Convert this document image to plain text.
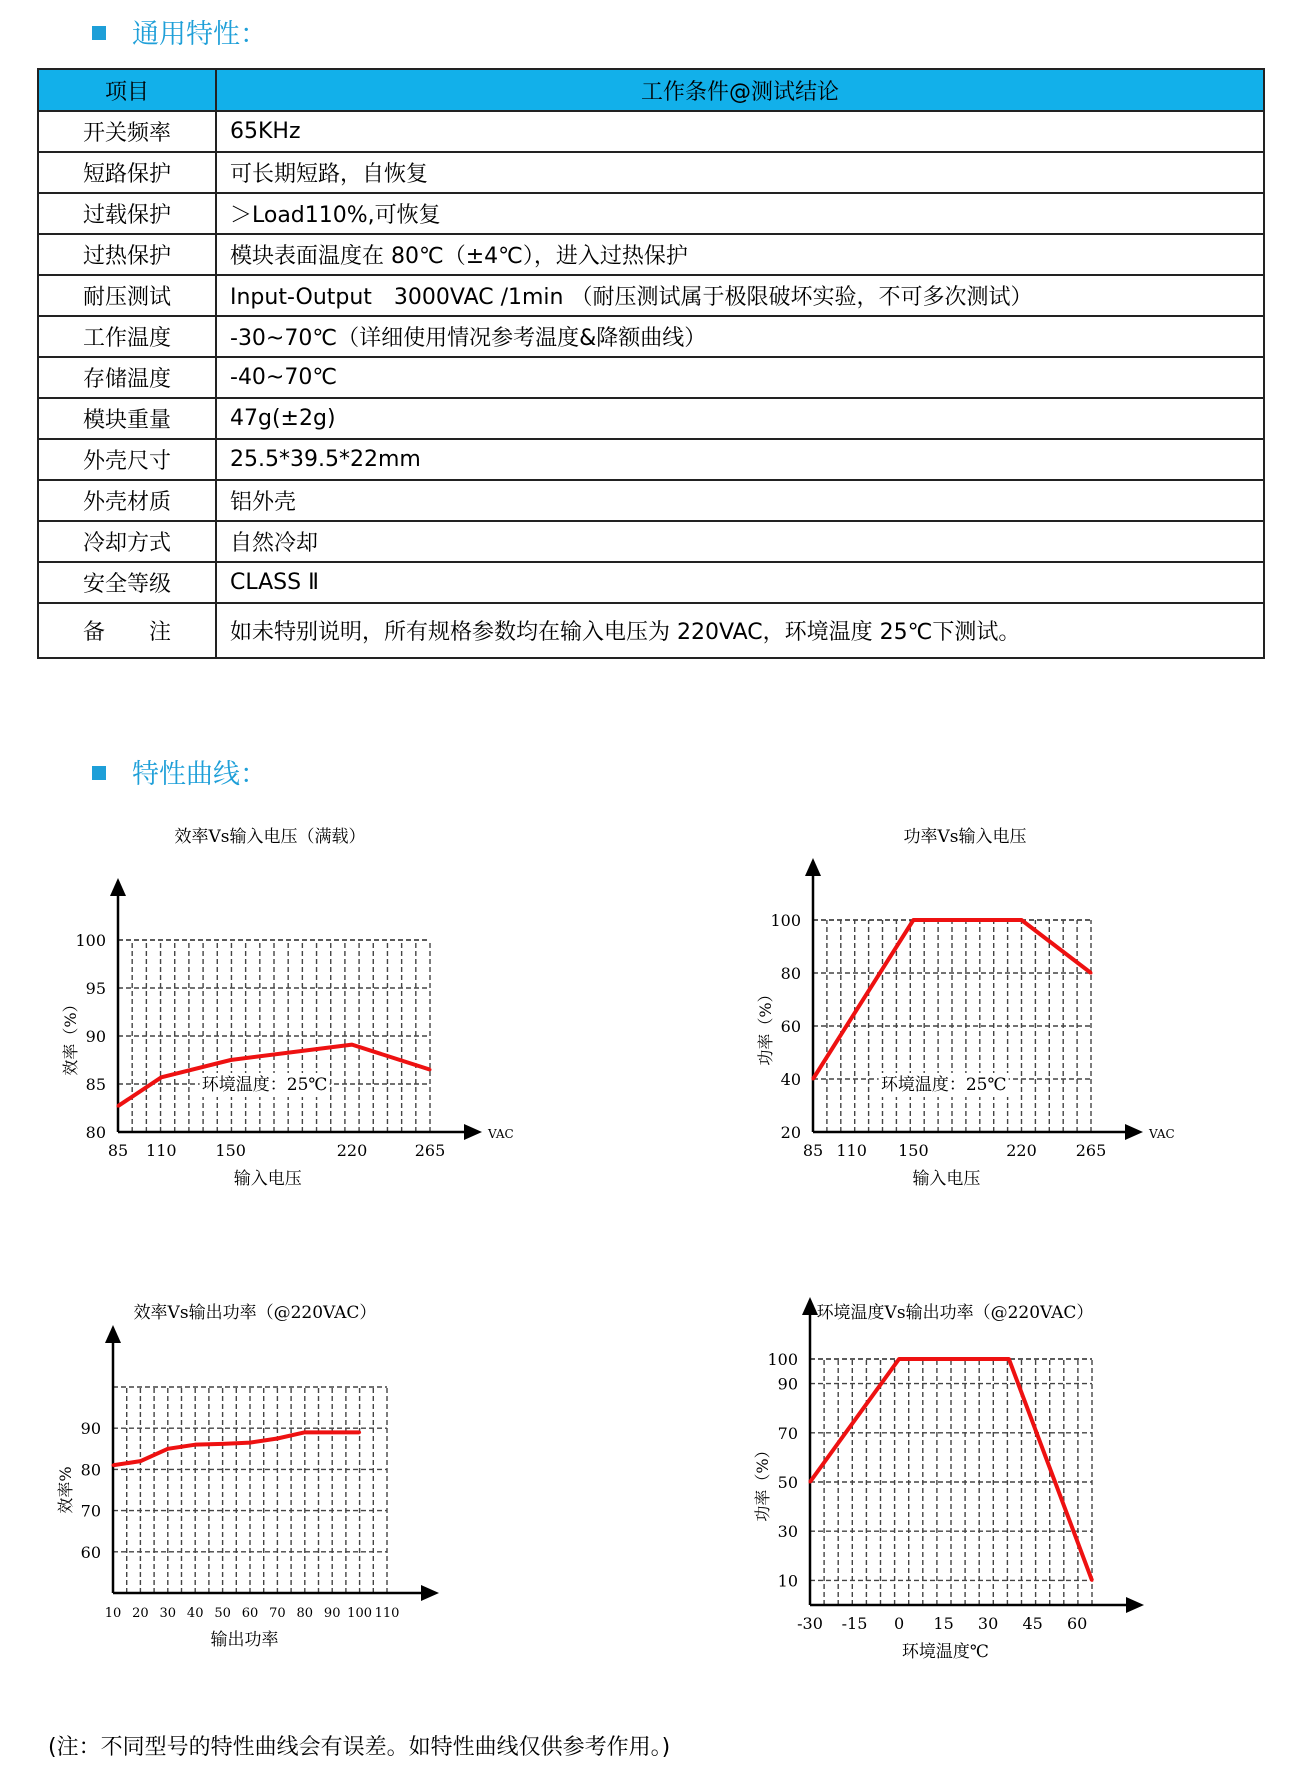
通用特性：
项目	工作条件@测试结论
开关频率	65KHz
短路保护	可长期短路，自恢复
过载保护	＞Load110%,可恢复
过热保护	模块表面温度在 80℃（±4℃），进入过热保护
耐压测试	Input-Output　3000VAC /1min （耐压测试属于极限破坏实验，不可多次测试）
工作温度	-30~70℃（详细使用情况参考温度&降额曲线）
存储温度	-40~70℃
模块重量	47g(±2g)
外壳尺寸	25.5*39.5*22mm
外壳材质	铝外壳
冷却方式	自然冷却
安全等级	CLASS Ⅱ
备　　注	如未特别说明，所有规格参数均在输入电压为 220VAC，环境温度 25℃下测试。
特性曲线：
效率Vs输入电压（满载）
80
85
90
95
100
85 110 150	220	265
VAC
输入电压
效率（%）
环境温度：25℃
功率Vs输入电压
20
40
60
80
100
85 110 150	220 265
VAC
输入电压
功率（%）
环境温度：25℃
效率Vs输出功率（@220VAC）
60
70
80
90
10 20 30 40 50 60 70 80 90 100 110
输出功率
效率%
环境温度Vs输出功率（@220VAC）
10
30
50
70
90
100
-30 -15 0 15 30 45 60
环境温度℃
功率（%）
(注：不同型号的特性曲线会有误差。如特性曲线仅供参考作用。)
